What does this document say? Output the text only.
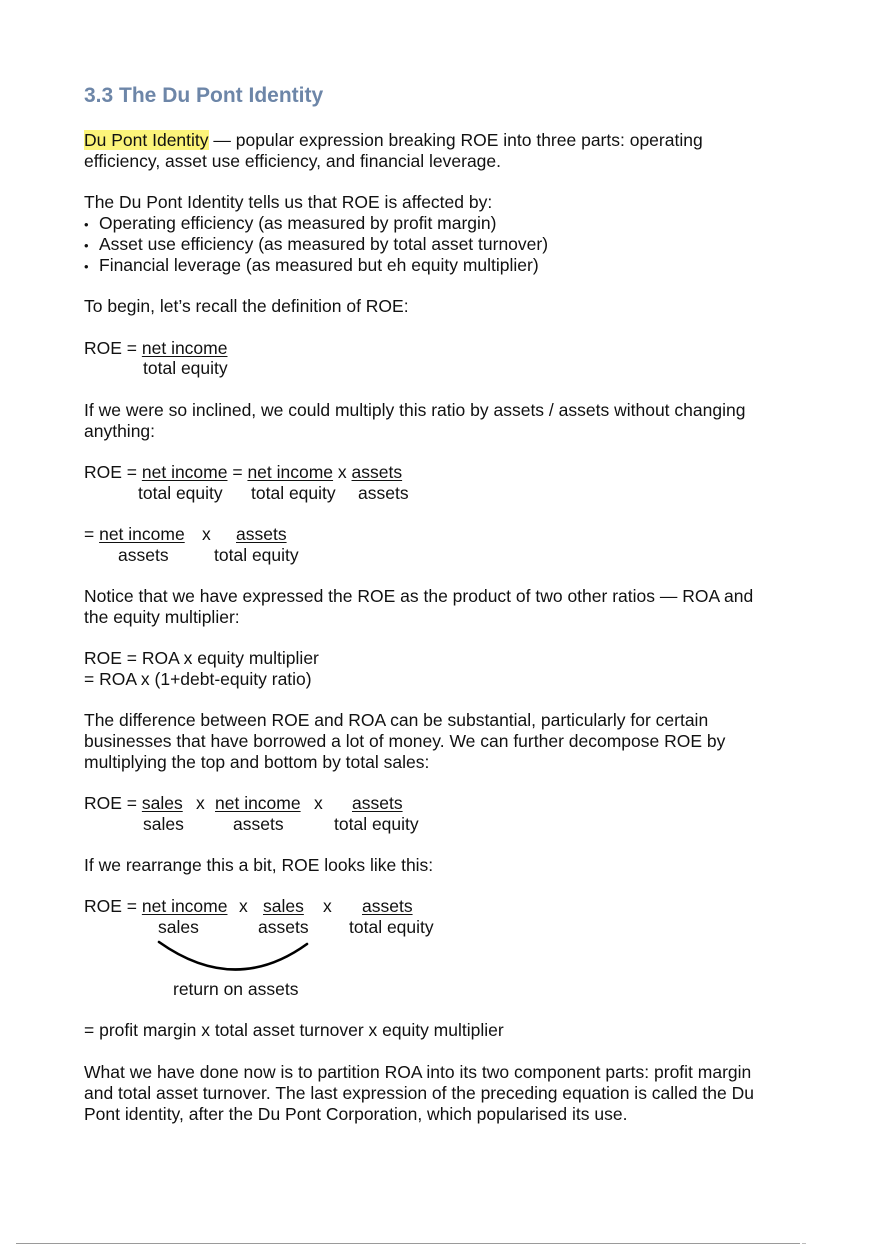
3.3 The Du Pont Identity
Du Pont Identity — popular expression breaking ROE into three parts: operating
efficiency, asset use efficiency, and financial leverage.
The Du Pont Identity tells us that ROE is affected by:
• Operating efficiency (as measured by profit margin)
• Asset use efficiency (as measured by total asset turnover)
• Financial leverage (as measured but eh equity multiplier)
To begin, let’s recall the definition of ROE:
ROE = net income
total equity
If we were so inclined, we could multiply this ratio by assets / assets without changing
anything:
ROE = net income = net income x assets
total equity total equity assets
= net income x assets
assets	total equity
Notice that we have expressed the ROE as the product of two other ratios — ROA and
the equity multiplier:
ROE = ROA x equity multiplier
= ROA x (1+debt-equity ratio)
The difference between ROE and ROA can be substantial, particularly for certain
businesses that have borrowed a lot of money. We can further decompose ROE by
multiplying the top and bottom by total sales:
ROE = sales x net income x assets
sales	assets	total equity
If we rearrange this a bit, ROE looks like this:
ROE = net income x sales x assets
sales	assets total equity
return on assets
= profit margin x total asset turnover x equity multiplier
What we have done now is to partition ROA into its two component parts: profit margin
and total asset turnover. The last expression of the preceding equation is called the Du
Pont identity, after the Du Pont Corporation, which popularised its use.
